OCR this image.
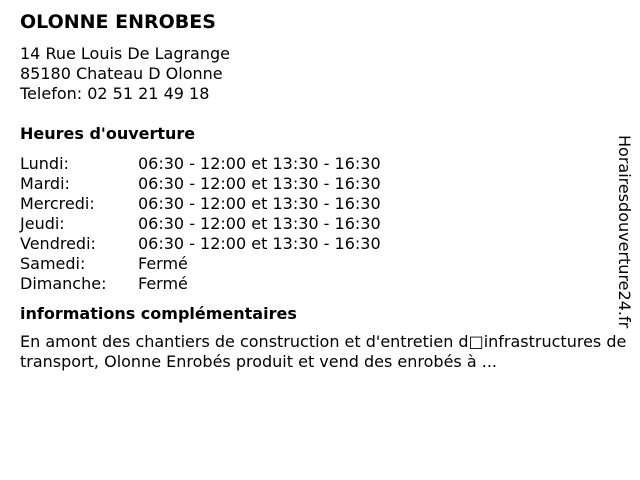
OLONNE ENROBES
14 Rue Louis De Lagrange
85180 Chateau D Olonne
Telefon: 02 51 21 49 18
Heures d'ouverture
Lundi:	06:30 - 12:00 et 13:30 - 16:30
Mardi:	06:30 - 12:00 et 13:30 - 16:30
Mercredi:	06:30 - 12:00 et 13:30 - 16:30
Jeudi:	06:30 - 12:00 et 13:30 - 16:30
Vendredi:	06:30 - 12:00 et 13:30 - 16:30
Samedi:	Fermé
Dimanche:	Fermé
informations complémentaires
En amont des chantiers de construction et d'entretien d□infrastructures de transport, Olonne Enrobés produit et vend des enrobés à ...
Horairesdouverture24.fr
